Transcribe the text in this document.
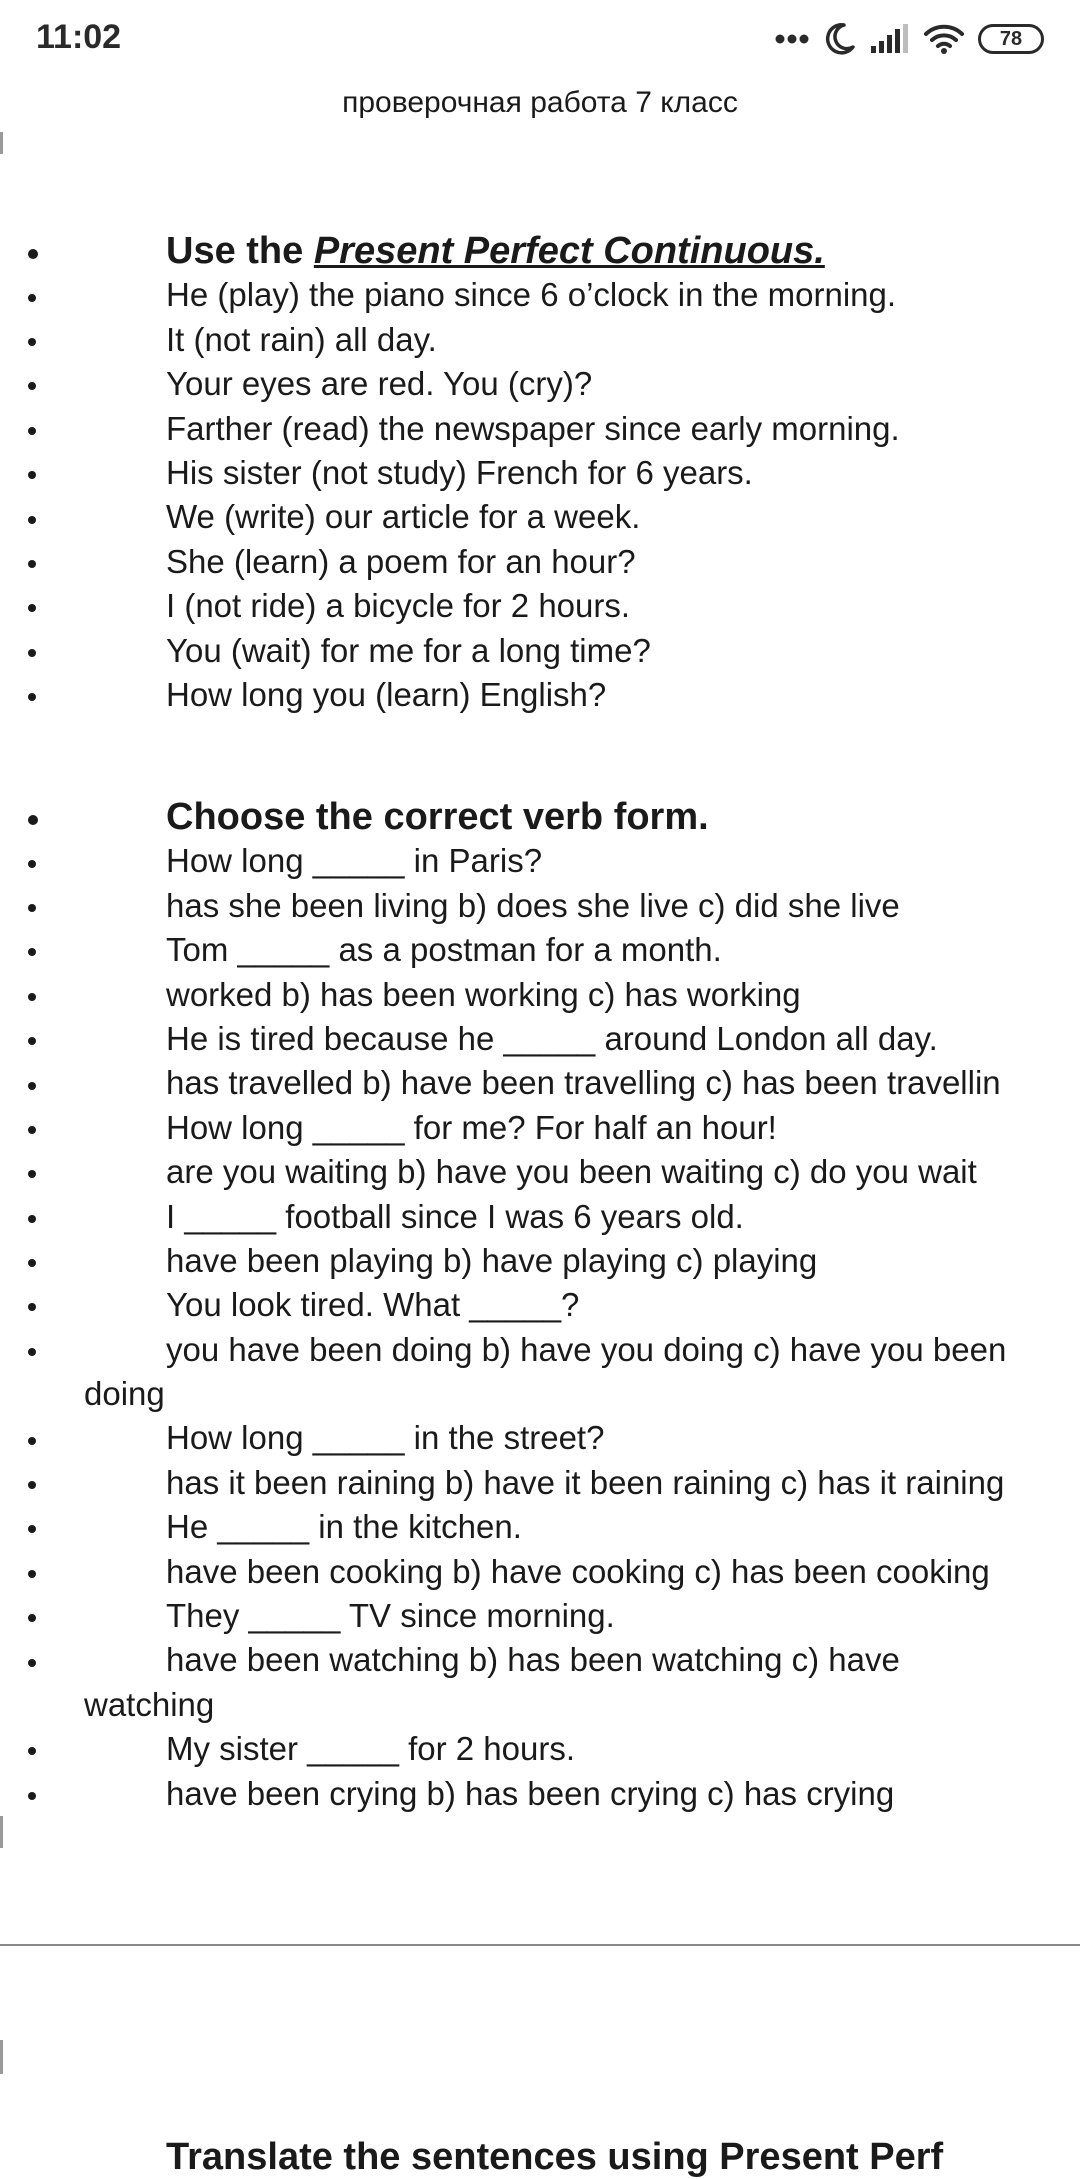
11:02	78
проверочная работа 7 класс
Use the Present Perfect Continuous.
He (play) the piano since 6 o’clock in the morning.
It (not rain) all day.
Your eyes are red. You (cry)?
Farther (read) the newspaper since early morning.
His sister (not study) French for 6 years.
We (write) our article for a week.
She (learn) a poem for an hour?
I (not ride) a bicycle for 2 hours.
You (wait) for me for a long time?
How long you (learn) English?
Choose the correct verb form.
How long _____ in Paris?
has she been living b) does she live c) did she live
Tom _____ as a postman for a month.
worked b) has been working c) has working
He is tired because he _____ around London all day.
has travelled b) have been travelling c) has been travellin
How long _____ for me? For half an hour!
are you waiting b) have you been waiting c) do you wait
I _____ football since I was 6 years old.
have been playing b) have playing c) playing
You look tired. What _____?
you have been doing b) have you doing c) have you been
doing
How long _____ in the street?
has it been raining b) have it been raining c) has it raining
He _____ in the kitchen.
have been cooking b) have cooking c) has been cooking
They _____ TV since morning.
have been watching b) has been watching c) have
watching
My sister _____ for 2 hours.
have been crying b) has been crying c) has crying
Translate the sentences using Present Perf
